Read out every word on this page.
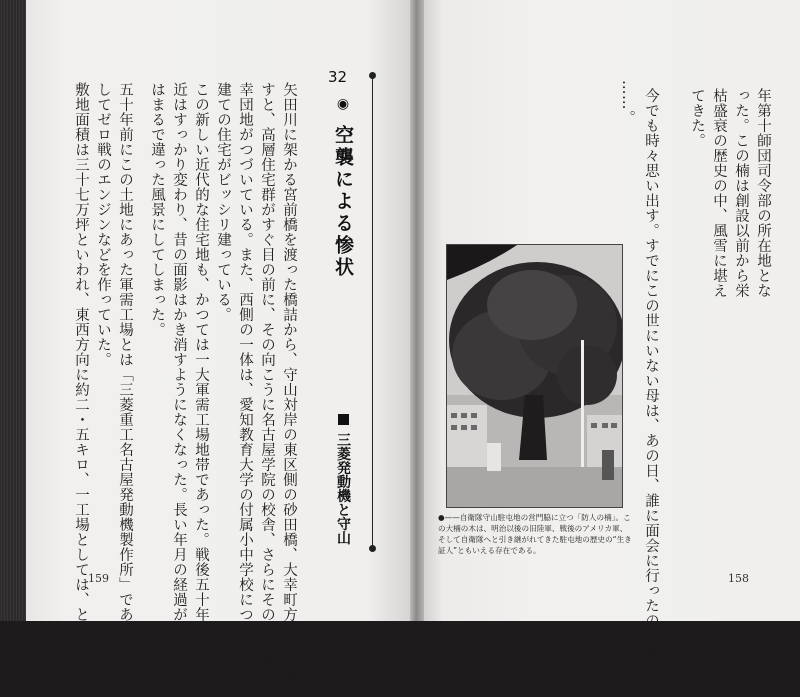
矢田川に架かる宮前橋を渡った橋詰から、守山対岸の東区側の砂田橋、大幸町方面を見渡
すと、高層住宅群がすぐ目の前に、その向こうに名古屋学院の校舎、さらにその南に県営大
幸団地がつづいている。また、西側の一体は、愛知教育大学の付属小中学校につづき、一戸
建ての住宅がビッシリ建っている。
この新しい近代的な住宅地も、かつては一大軍需工場地帯であった。戦後五十年、この付
近はすっかり変わり、昔の面影はかき消すようになくなった。長い年月の経過が、昔と今で
はまるで違った風景にしてしまった。
五十年前にこの土地にあった軍需工場とは「三菱重工名古屋発動機製作所」であり、主と
してゼロ戦のエンジンなどを作っていた。
敷地面積は三十七万坪といわれ、東西方向に約二・五キロ、一工場としては、とてつもな
32
◉ 空襲による惨状
三菱発動機と守山
159
年第十師団司令部の所在地とな
った。この楠は創設以前から栄
枯盛衰の歴史の中、風雪に堪え
てきた。
……。 今でも時々思い出す。すでにこの世にいない母は、あの日、誰に面会に行ったのであろう
●——自衛隊守山駐屯地の営門脇に立つ「防人の楠」。この大楠の木は、明治以後の旧陸軍、戦後のアメリカ軍、そして自衛隊へと引き継がれてきた駐屯地の歴史の“生き証人”ともいえる存在である。
158
